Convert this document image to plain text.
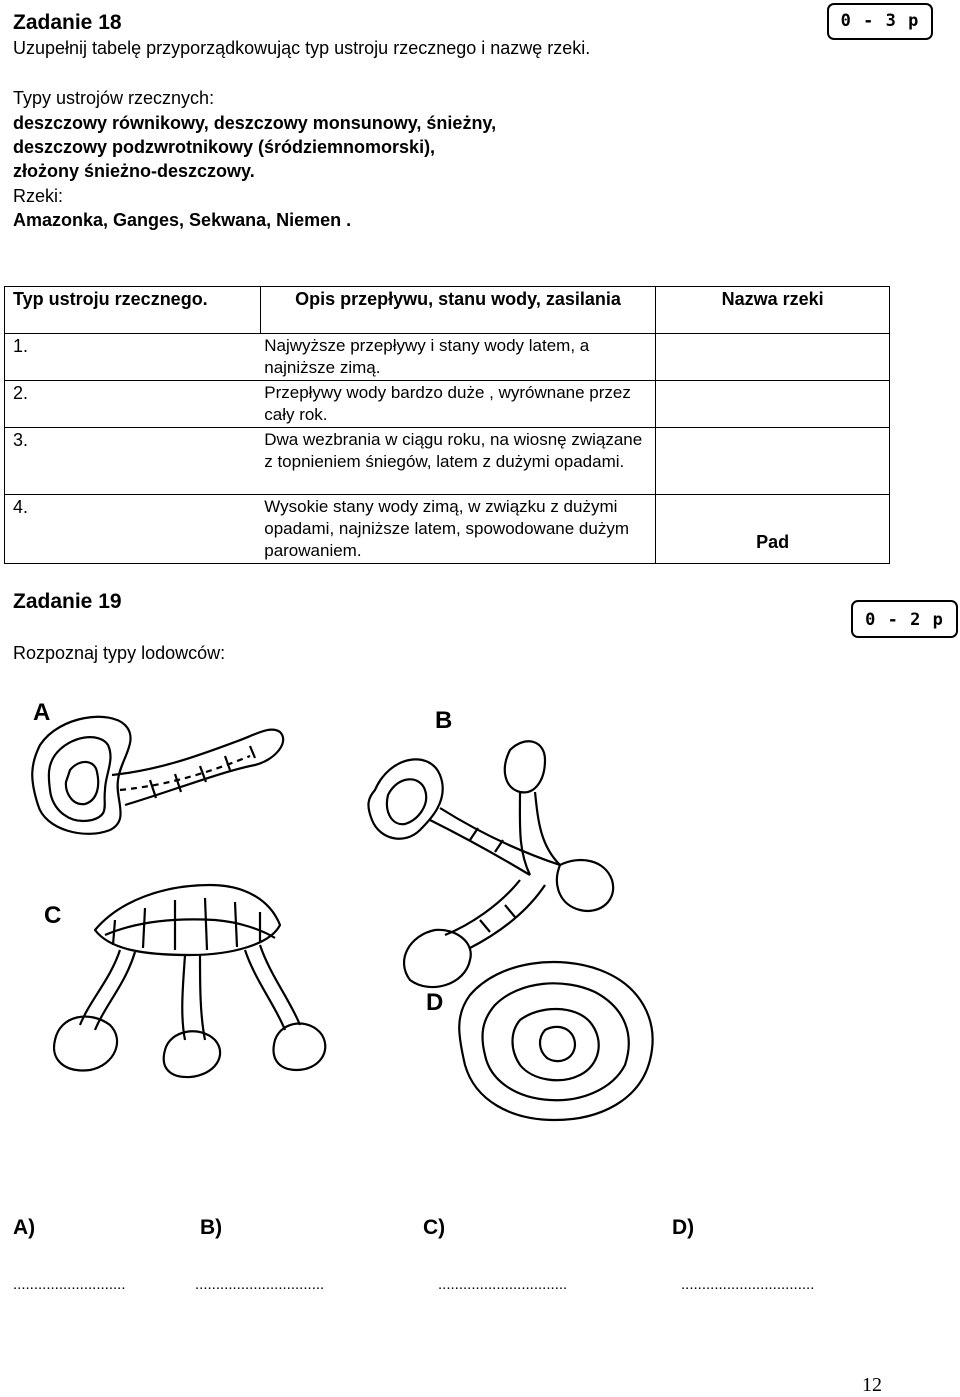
Zadanie 18
Uzupełnij tabelę przyporządkowując typ ustroju rzecznego i nazwę rzeki.
0 - 3 p
Typy ustrojów rzecznych:
deszczowy równikowy, deszczowy monsunowy, śnieżny,
deszczowy podzwrotnikowy (śródziemnomorski),
złożony śnieżno-deszczowy.
Rzeki:
Amazonka, Ganges, Sekwana, Niemen .
Typ ustroju rzecznego.	Opis przepływu, stanu wody, zasilania	Nazwa rzeki
1.	Najwyższe przepływy i stany wody latem, a najniższe zimą.	
2.	Przepływy wody bardzo duże , wyrównane przez cały rok.	
3.	Dwa wezbrania w ciągu roku, na wiosnę związane z topnieniem śniegów, latem z dużymi opadami.	
4.	Wysokie stany wody zimą, w związku z dużymi opadami, najniższe latem, spowodowane dużym parowaniem.	Pad
Zadanie 19
Rozpoznaj typy lodowców:
0 - 2 p
A	B
C
D
A)	B)	C)	D)
...........................	...............................	...............................	................................
12
